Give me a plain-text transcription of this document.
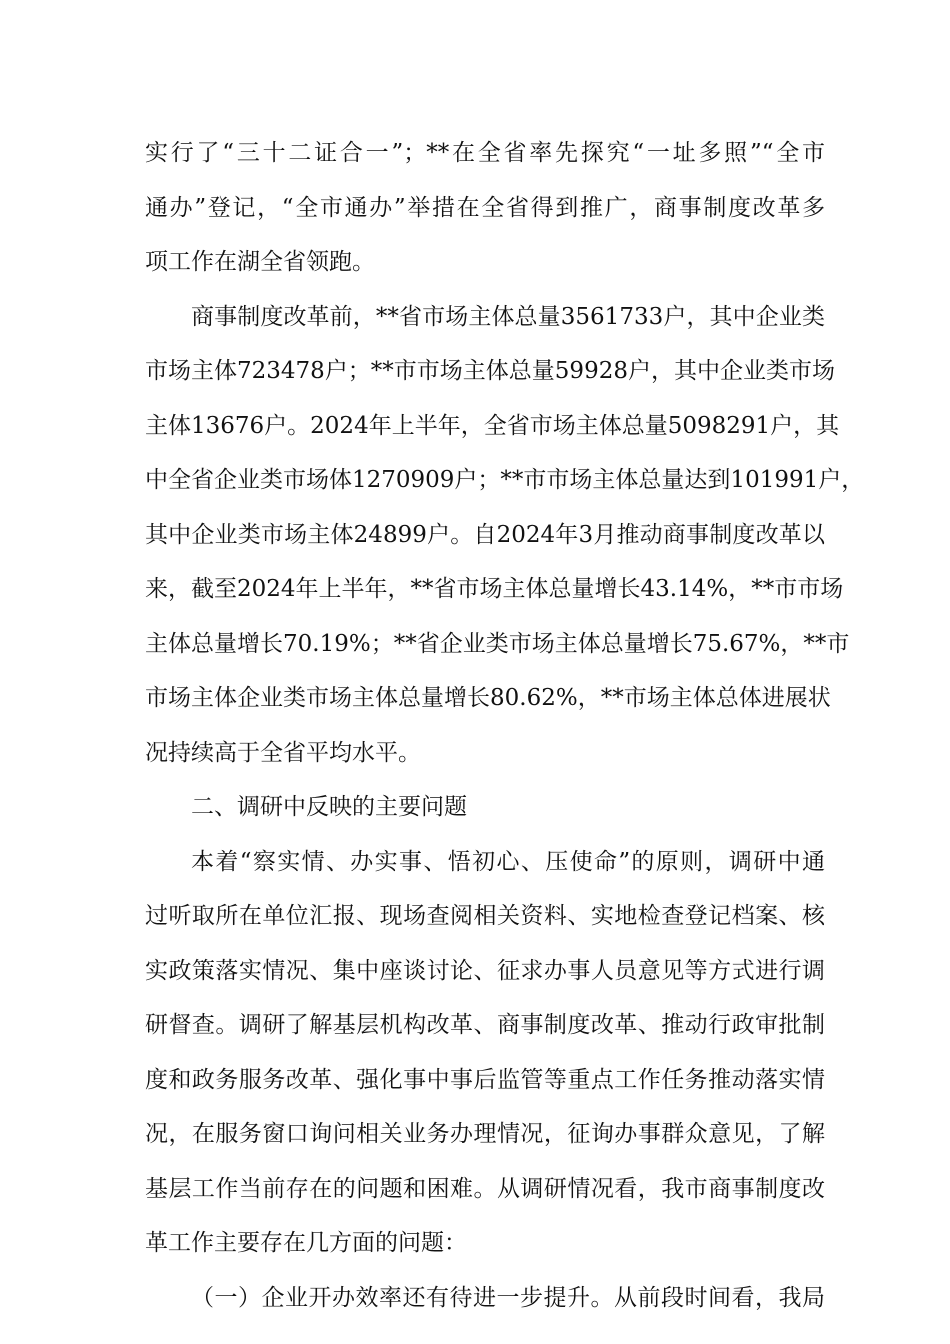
实行了“三十二证合一”；**在全省率先探究“一址多照”“全市
通办”登记，“全市通办”举措在全省得到推广，商事制度改革多
项工作在湖全省领跑。
商事制度改革前，**省市场主体总量3561733户，其中企业类
市场主体723478户；**市市场主体总量59928户，其中企业类市场
主体13676户。2024年上半年，全省市场主体总量5098291户，其
中全省企业类市场体1270909户；**市市场主体总量达到101991户，
其中企业类市场主体24899户。自2024年3月推动商事制度改革以
来，截至2024年上半年，**省市场主体总量增长43.14%，**市市场
主体总量增长70.19%；**省企业类市场主体总量增长75.67%，**市
市场主体企业类市场主体总量增长80.62%，**市场主体总体进展状
况持续高于全省平均水平。
二、调研中反映的主要问题
本着“察实情、办实事、悟初心、压使命”的原则，调研中通
过听取所在单位汇报、现场查阅相关资料、实地检查登记档案、核
实政策落实情况、集中座谈讨论、征求办事人员意见等方式进行调
研督查。调研了解基层机构改革、商事制度改革、推动行政审批制
度和政务服务改革、强化事中事后监管等重点工作任务推动落实情
况，在服务窗口询问相关业务办理情况，征询办事群众意见，了解
基层工作当前存在的问题和困难。从调研情况看，我市商事制度改
革工作主要存在几方面的问题：
（一）企业开办效率还有待进一步提升。从前段时间看，我局
